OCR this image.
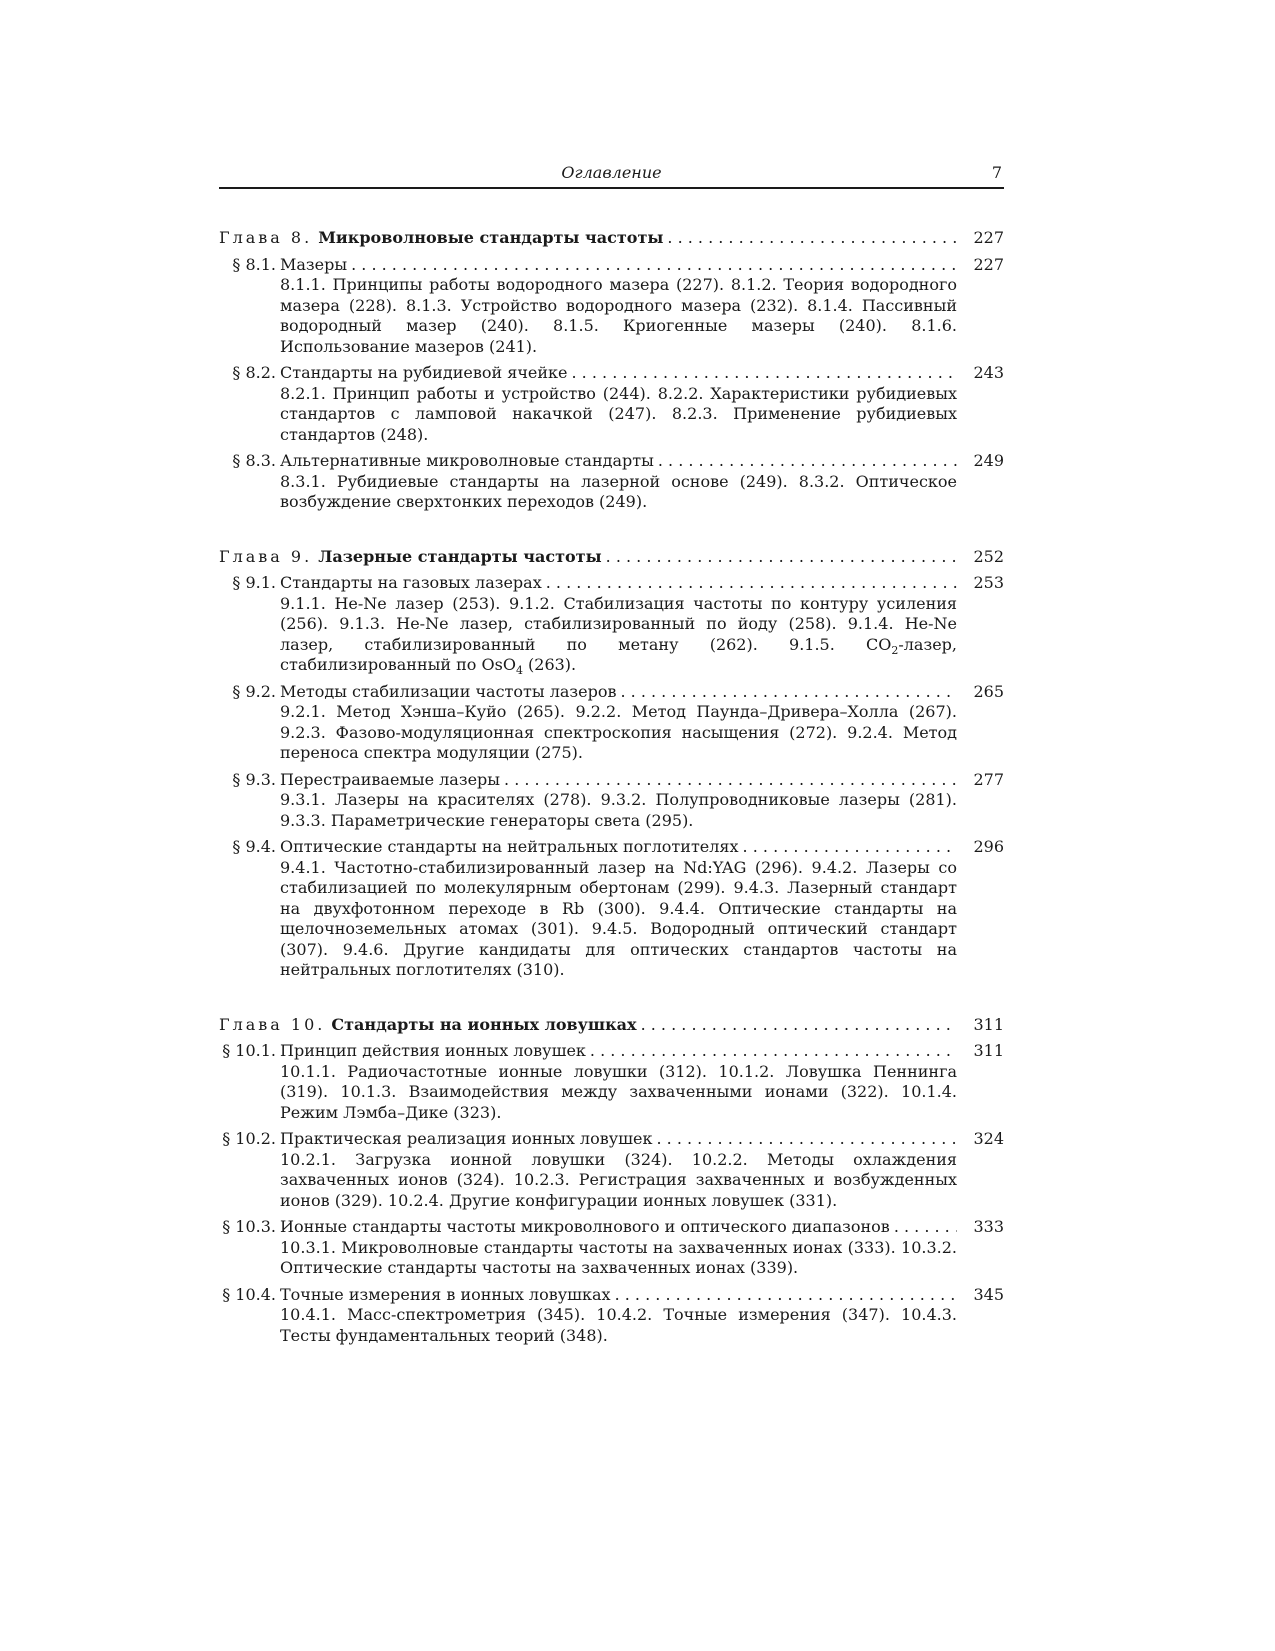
Оглавление	7
Глава 8. Микроволновые стандарты частоты . . .	227
§ 8.1. Мазеры . . .	227
8.1.1. Принципы работы водородного мазера (227). 8.1.2. Теория водородного мазера (228). 8.1.3. Устройство водородного мазера (232). 8.1.4. Пассивный водородный мазер (240). 8.1.5. Криогенные мазеры (240). 8.1.6. Использование мазеров (241).
§ 8.2. Стандарты на рубидиевой ячейке . . .	243
8.2.1. Принцип работы и устройство (244). 8.2.2. Характеристики рубидиевых стандартов с ламповой накачкой (247). 8.2.3. Применение рубидиевых стандартов (248).
§ 8.3. Альтернативные микроволновые стандарты . . .	249
8.3.1. Рубидиевые стандарты на лазерной основе (249). 8.3.2. Оптическое возбуждение сверхтонких переходов (249).
Глава 9. Лазерные стандарты частоты . . .	252
§ 9.1. Стандарты на газовых лазерах . . .	253
9.1.1. He-Ne лазер (253). 9.1.2. Стабилизация частоты по контуру усиления (256). 9.1.3. He-Ne лазер, стабилизированный по йоду (258). 9.1.4. He-Ne лазер, стабилизированный по метану (262). 9.1.5. $CO_2$-лазер, стабилизированный по OsO$_4$ (263).
§ 9.2. Методы стабилизации частоты лазеров . . .	265
9.2.1. Метод Хэнша–Куйо (265). 9.2.2. Метод Паунда–Дривера–Холла (267). 9.2.3. Фазово-модуляционная спектроскопия насыщения (272). 9.2.4. Метод переноса спектра модуляции (275).
§ 9.3. Перестраиваемые лазеры . . .	277
9.3.1. Лазеры на красителях (278). 9.3.2. Полупроводниковые лазеры (281). 9.3.3. Параметрические генераторы света (295).
§ 9.4. Оптические стандарты на нейтральных поглотителях . . .	296
9.4.1. Частотно-стабилизированный лазер на Nd:YAG (296). 9.4.2. Лазеры со стабилизацией по молекулярным обертонам (299). 9.4.3. Лазерный стандарт на двухфотонном переходе в Rb (300). 9.4.4. Оптические стандарты на щелочноземельных атомах (301). 9.4.5. Водородный оптический стандарт (307). 9.4.6. Другие кандидаты для оптических стандартов частоты на нейтральных поглотителях (310).
Глава 10. Стандарты на ионных ловушках . . .	311
§ 10.1. Принцип действия ионных ловушек . . .	311
10.1.1. Радиочастотные ионные ловушки (312). 10.1.2. Ловушка Пеннинга (319). 10.1.3. Взаимодействия между захваченными ионами (322). 10.1.4. Режим Лэмба–Дике (323).
§ 10.2. Практическая реализация ионных ловушек . . .	324
10.2.1. Загрузка ионной ловушки (324). 10.2.2. Методы охлаждения захваченных ионов (324). 10.2.3. Регистрация захваченных и возбужденных ионов (329). 10.2.4. Другие конфигурации ионных ловушек (331).
§ 10.3. Ионные стандарты частоты микроволнового и оптического диапазонов . . .	333
10.3.1. Микроволновые стандарты частоты на захваченных ионах (333). 10.3.2. Оптические стандарты частоты на захваченных ионах (339).
§ 10.4. Точные измерения в ионных ловушках . . .	345
10.4.1. Масс-спектрометрия (345). 10.4.2. Точные измерения (347). 10.4.3. Тесты фундаментальных теорий (348).
